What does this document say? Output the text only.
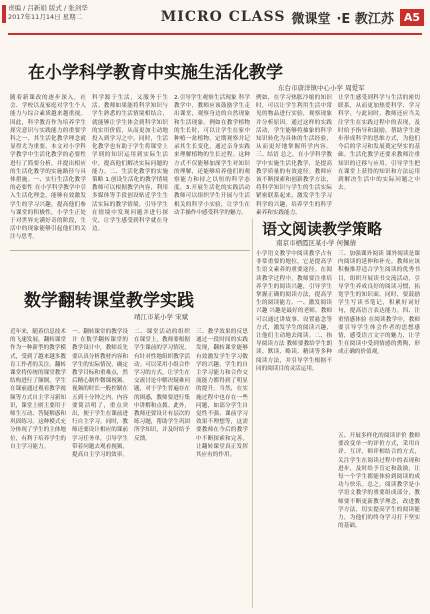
责编 / 吕新娟 版式 / 张剑华
2017年11月14日 星期二	MICRO CLASS 微课堂 ·E 教江苏 A5
在小学科学教育中实施生活化教学
东台市唐洋镇中心小学 周爱军
随着新课改的逐步深入，社会、学校以及家庭对学生个人能力与综合素质越来越重视。因此，科学教育作为培养学生探究意识与实践能力的重要学科之一，其生活化教学理念就显得尤为重要。本文对小学科学教学中生活化教学的必要性进行了简要分析，并提出相应的生活化教学的实施路径与具体措施。一、实行生活化教学的必要性 在小学科学教学中引入生活化理念，能够有效激发学生的学习兴趣，提高他们参与课堂的积极性。小学生正处于对世界充满好奇的阶段，生活中的现象能够引起他们的关注与思考。
科学源于生活，又服务于生活。教师如果能将科学知识与学生熟悉的生活情境相结合，就能够让学生体会到科学知识的实用价值，从而更加主动地投入到学习之中。同时，生活化教学也有助于学生将课堂上学到的知识运用到实际生活中，提高他们解决实际问题的能力。二、生活化教学的实施策略 1.创设生活化的教学情境 教师可以根据教学内容，利用多媒体等手段创设贴近学生生活实际的教学情境，引导学生在情境中发现问题并进行探究，让学生感受到科学就在身边。
2.引导学生观察生活现象 科学教学中，教师应该鼓励学生走出课堂，观察身边的自然现象和生活现象。例如在教学植物的生长时，可以让学生在家中种植一盆植物，定期观察并记录其生长变化，通过亲身实践来理解植物的生长过程。这种方式不仅能够加深学生对知识的理解，还能够培养他们的观察能力和持之以恒的科学态度。3.开展生活化的实践活动 教师可以组织学生开展与生活相关的科学小实验，让学生在动手操作中感受科学的魅力。
例如，在学习热胀冷缩的知识时，可以让学生利用生活中常见的物品进行实验，观察现象并分析原因。通过这样的实践活动，学生能够将抽象的科学知识转化为具体的生活经验，从而更好地掌握所学内容。三、结语 总之，在小学科学教学中实施生活化教学，是提高教学质量的有效途径。教师应该不断探索和创新教学方法，将科学知识与学生的生活实际紧密联系起来，激发学生学习科学的兴趣，培养学生的科学素养和实践能力。
让学生感受到科学与生活的密切联系，从而更加热爱科学、学习科学。与此同时，教师还应当关注学生在实践过程中的表现，及时给予指导和鼓励，帮助学生逐步形成科学的思维方式，为他们今后的学习和发展奠定坚实的基础。生活化教学还要求教师注重知识的迁移与应用，引导学生把在课堂上获得的知识和方法运用到解决生活中的实际问题之中去。
语文阅读教学策略
南京市栖霞区某小学 何佩倩
小学语文教学中阅读教学占有非常重要的地位，它是提高学生语文素养的重要途径。在阅读教学过程中，教师要注重培养学生的阅读兴趣，引导学生掌握正确的阅读方法，提高学生的阅读能力。一、激发阅读兴趣 兴趣是最好的老师。教师可以通过讲故事、设置悬念等方式，激发学生的阅读兴趣，让他们主动地去阅读。二、指导阅读方法 教师要教给学生朗读、默读、略读、精读等多种阅读方法，并引导学生根据不同的阅读目的灵活运用。
三、加强课外阅读 课外阅读是课内阅读的延伸和补充。教师应该积极推荐适合学生阅读的优秀书目，组织开展读书交流活动，引导学生养成良好的阅读习惯，拓宽学生的知识面。同时，要鼓励学生写读书笔记，积累好词好句，提高语言表达能力。四、注重情感体验 在阅读教学中，教师要引导学生体会作者的思想感情，感受语言文字的魅力，让学生在阅读中受到情感的熏陶，形成正确的价值观。
五、开展多样化的阅读评价 教师要改变单一的评价方式，采用自评、互评、师评相结合的方式，关注学生在阅读过程中的表现和进步，及时给予肯定和鼓励，让每一个学生都能体验到阅读的成功与快乐。总之，阅读教学是小学语文教学的重要组成部分，教师要不断更新教学理念，改进教学方法，切实提高学生的阅读能力，为他们的终身学习打下坚实的基础。
数学翻转课堂教学实践
靖江市某小学 宋斌
近年来，随着信息技术的飞速发展，翻转课堂作为一种新型的教学模式，受到了越来越多教育工作者的关注。翻转课堂将传统的课堂教学结构进行了颠倒，学生在课前通过观看教学视频等方式自主学习新知识，课堂上则主要用于师生互动、答疑解惑和巩固练习。这种模式充分体现了学生的主体地位，有利于培养学生的自主学习能力。
一、翻转课堂的教学设计 在数学翻转课堂的教学设计中，教师首先要认真分析教材内容和学生的实际情况，确定教学目标和重难点，然后精心制作微课视频。视频的时长一般控制在五到十分钟之内，内容要简洁明了，重点突出，便于学生在课前进行自主学习。同时，教师还要设计相应的课前学习任务单，引导学生带着问题去观看视频，提高自主学习的效率。
二、课堂活动的组织 在课堂上，教师要根据学生课前的学习情况，有针对性地组织教学活动。可以采用小组合作学习的方式，让学生在交流讨论中解决疑难问题，对于学生普遍存在的困惑，教师要进行集中讲解和点拨。此外，教师还要设计有层次的练习题，帮助学生巩固所学知识，并及时给予反馈。
三、教学效果的反思 通过一段时间的实践发现，翻转课堂能够有效激发学生学习数学的兴趣，学生的自主学习能力和合作交流能力都得到了明显的提升。当然，在实施过程中也存在一些问题，如部分学生自觉性不强、课前学习效果不理想等，这需要教师在今后的教学中不断探索和完善，让翻转课堂真正发挥其应有的作用。
